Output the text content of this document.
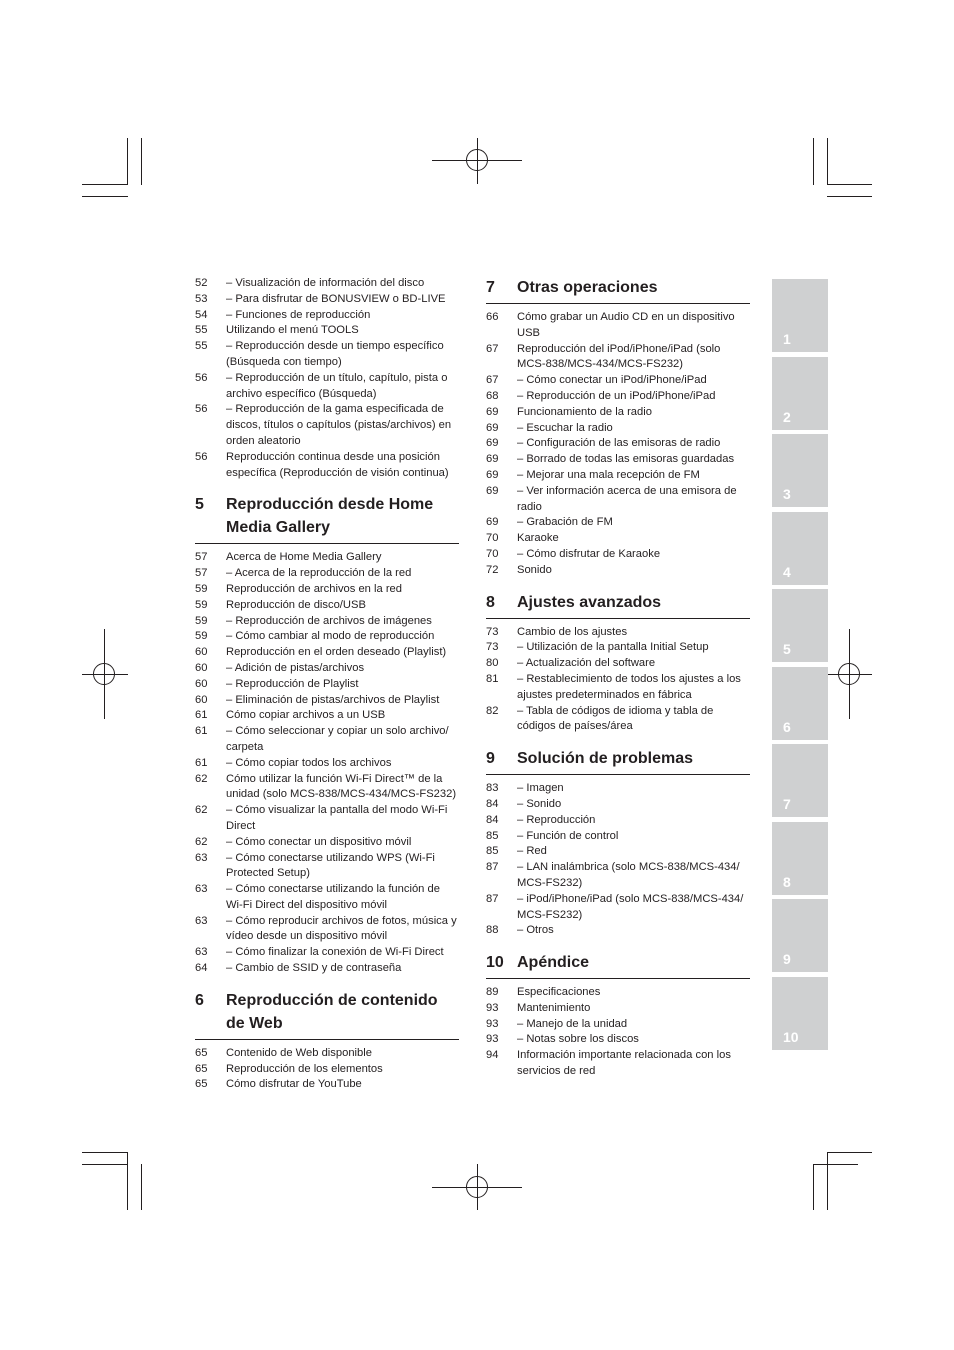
52	– Visualización de información del disco
53	– Para disfrutar de BONUSVIEW o BD-LIVE
54	– Funciones de reproducción
55	Utilizando el menú TOOLS
55	– Reproducción desde un tiempo específico (Búsqueda con tiempo)
56	– Reproducción de un título, capítulo, pista o archivo específico (Búsqueda)
56	– Reproducción de la gama especificada de discos, títulos o capítulos (pistas/archivos) en orden aleatorio
56	Reproducción continua desde una posición específica (Reproducción de visión continua)
5	Reproducción desde Home Media Gallery
57	Acerca de Home Media Gallery
57	– Acerca de la reproducción de la red
59	Reproducción de archivos en la red
59	Reproducción de disco/USB
59	– Reproducción de archivos de imágenes
59	– Cómo cambiar al modo de reproducción
60	Reproducción en el orden deseado (Playlist)
60	– Adición de pistas/archivos
60	– Reproducción de Playlist
60	– Eliminación de pistas/archivos de Playlist
61	Cómo copiar archivos a un USB
61	– Cómo seleccionar y copiar un solo archivo/ carpeta
61	– Cómo copiar todos los archivos
62	Cómo utilizar la función Wi-Fi Direct™ de la unidad (solo MCS-838/MCS-434/MCS-FS232)
62	– Cómo visualizar la pantalla del modo Wi-Fi Direct
62	– Cómo conectar un dispositivo móvil
63	– Cómo conectarse utilizando WPS (Wi-Fi Protected Setup)
63	– Cómo conectarse utilizando la función de Wi-Fi Direct del dispositivo móvil
63	– Cómo reproducir archivos de fotos, música y vídeo desde un dispositivo móvil
63	– Cómo finalizar la conexión de Wi-Fi Direct
64	– Cambio de SSID y de contraseña
6	Reproducción de contenido de Web
65	Contenido de Web disponible
65	Reproducción de los elementos
65	Cómo disfrutar de YouTube
7	Otras operaciones
66	Cómo grabar un Audio CD en un dispositivo USB
67	Reproducción del iPod/iPhone/iPad (solo MCS-838/MCS-434/MCS-FS232)
67	– Cómo conectar un iPod/iPhone/iPad
68	– Reproducción de un iPod/iPhone/iPad
69	Funcionamiento de la radio
69	– Escuchar la radio
69	– Configuración de las emisoras de radio
69	– Borrado de todas las emisoras guardadas
69	– Mejorar una mala recepción de FM
69	– Ver información acerca de una emisora de radio
69	– Grabación de FM
70	Karaoke
70	– Cómo disfrutar de Karaoke
72	Sonido
8	Ajustes avanzados
73	Cambio de los ajustes
73	– Utilización de la pantalla Initial Setup
80	– Actualización del software
81	– Restablecimiento de todos los ajustes a los ajustes predeterminados en fábrica
82	– Tabla de códigos de idioma y tabla de códigos de países/área
9	Solución de problemas
83	– Imagen
84	– Sonido
84	– Reproducción
85	– Función de control
85	– Red
87	– LAN inalámbrica (solo MCS-838/MCS-434/ MCS-FS232)
87	– iPod/iPhone/iPad (solo MCS-838/MCS-434/ MCS-FS232)
88	– Otros
10 Apéndice
89	Especificaciones
93	Mantenimiento
93	– Manejo de la unidad
93	– Notas sobre los discos
94	Información importante relacionada con los servicios de red
1
2
3
4
5
6
7
8
9
10
